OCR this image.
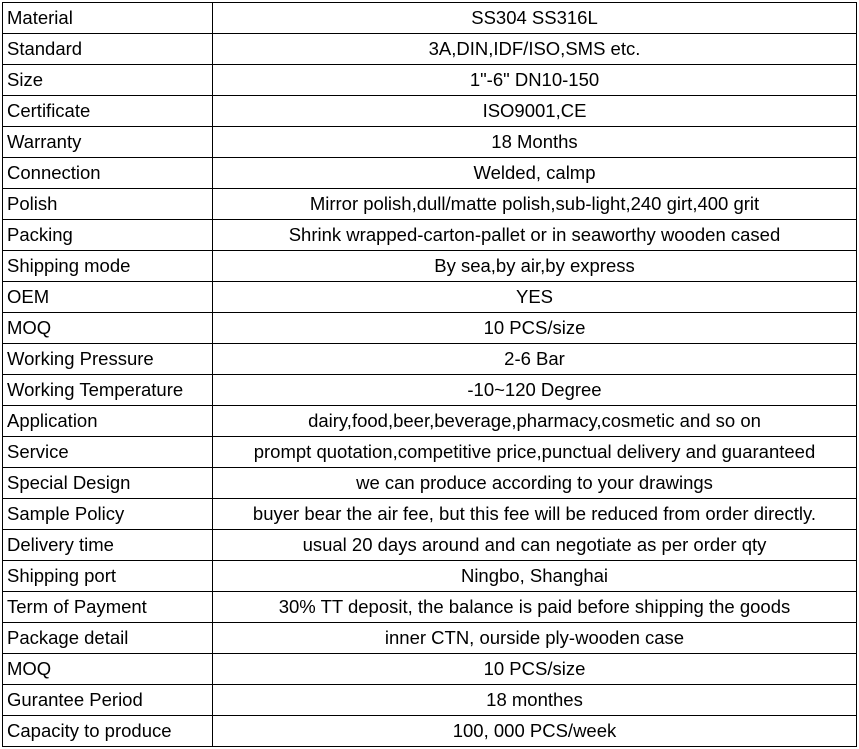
Material	SS304 SS316L
Standard	3A,DIN,IDF/ISO,SMS etc.
Size	1"-6" DN10-150
Certificate	ISO9001,CE
Warranty	18 Months
Connection	Welded, calmp
Polish	Mirror polish,dull/matte polish,sub-light,240 girt,400 grit
Packing	Shrink wrapped-carton-pallet or in seaworthy wooden cased
Shipping mode	By sea,by air,by express
OEM	YES
MOQ	10 PCS/size
Working Pressure	2-6 Bar
Working Temperature	-10~120 Degree
Application	dairy,food,beer,beverage,pharmacy,cosmetic and so on
Service	prompt quotation,competitive price,punctual delivery and guaranteed
Special Design	we can produce according to your drawings
Sample Policy	buyer bear the air fee, but this fee will be reduced from order directly.
Delivery time	usual 20 days around and can negotiate as per order qty
Shipping port	Ningbo, Shanghai
Term of Payment	30% TT deposit, the balance is paid before shipping the goods
Package detail	inner CTN, ourside ply-wooden case
MOQ	10 PCS/size
Gurantee Period	18 monthes
Capacity to produce	100, 000 PCS/week
